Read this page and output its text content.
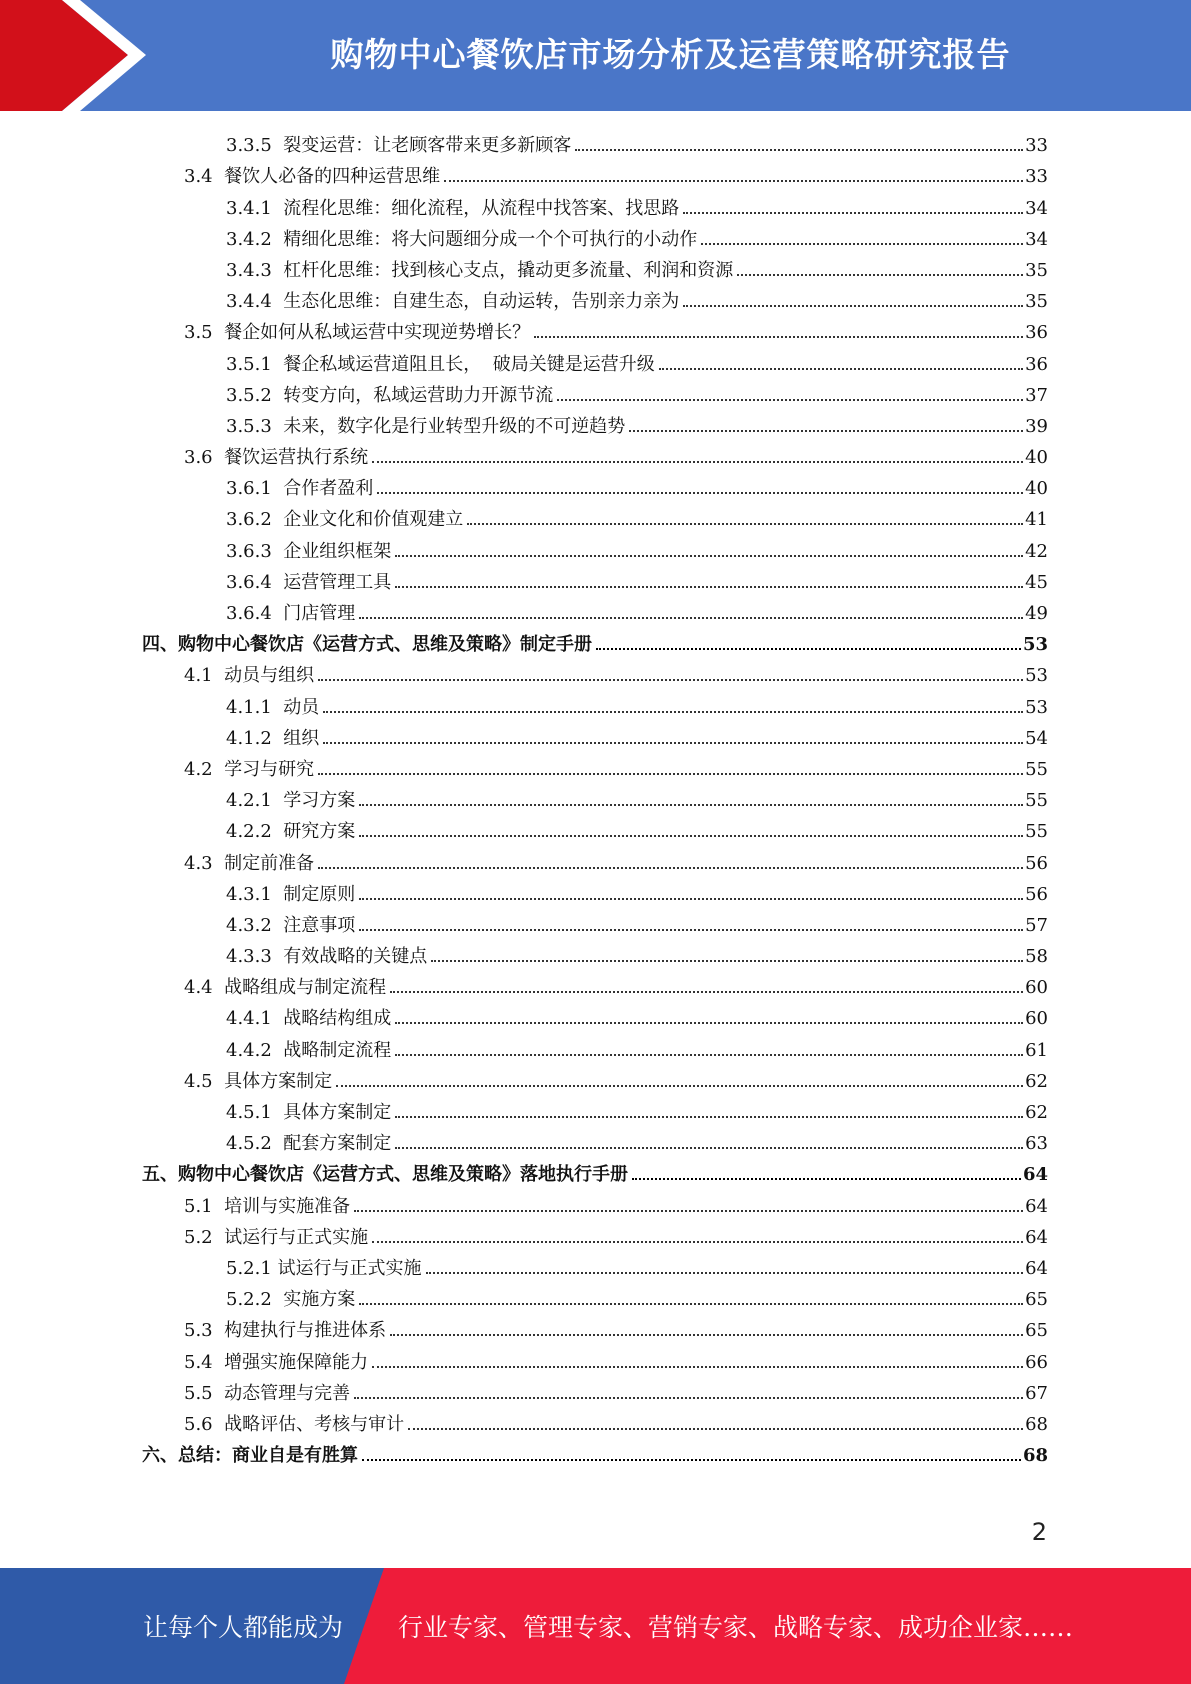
购物中心餐饮店市场分析及运营策略研究报告
3.3.5 裂变运营：让老顾客带来更多新顾客	33
3.4 餐饮人必备的四种运营思维	33
3.4.1 流程化思维：细化流程，从流程中找答案、找思路	34
3.4.2 精细化思维：将大问题细分成一个个可执行的小动作	34
3.4.3 杠杆化思维：找到核心支点，撬动更多流量、利润和资源	35
3.4.4 生态化思维：自建生态，自动运转，告别亲力亲为	35
3.5 餐企如何从私域运营中实现逆势增长？	36
3.5.1 餐企私域运营道阻且长，  破局关键是运营升级	36
3.5.2 转变方向，私域运营助力开源节流	37
3.5.3 未来，数字化是行业转型升级的不可逆趋势	39
3.6 餐饮运营执行系统	40
3.6.1 合作者盈利	40
3.6.2 企业文化和价值观建立	41
3.6.3 企业组织框架	42
3.6.4 运营管理工具	45
3.6.4 门店管理	49
四、购物中心餐饮店《运营方式、思维及策略》制定手册	53
4.1 动员与组织	53
4.1.1 动员	53
4.1.2 组织	54
4.2 学习与研究	55
4.2.1 学习方案	55
4.2.2 研究方案	55
4.3 制定前准备	56
4.3.1 制定原则	56
4.3.2 注意事项	57
4.3.3 有效战略的关键点	58
4.4 战略组成与制定流程	60
4.4.1 战略结构组成	60
4.4.2 战略制定流程	61
4.5 具体方案制定	62
4.5.1 具体方案制定	62
4.5.2 配套方案制定	63
五、购物中心餐饮店《运营方式、思维及策略》落地执行手册	64
5.1 培训与实施准备	64
5.2 试运行与正式实施	64
5.2.1 试运行与正式实施	64
5.2.2 实施方案	65
5.3 构建执行与推进体系	65
5.4 增强实施保障能力	66
5.5 动态管理与完善	67
5.6 战略评估、考核与审计	68
六、总结：商业自是有胜算	68
2
让每个人都能成为 行业专家、管理专家、营销专家、战略专家、成功企业家……
